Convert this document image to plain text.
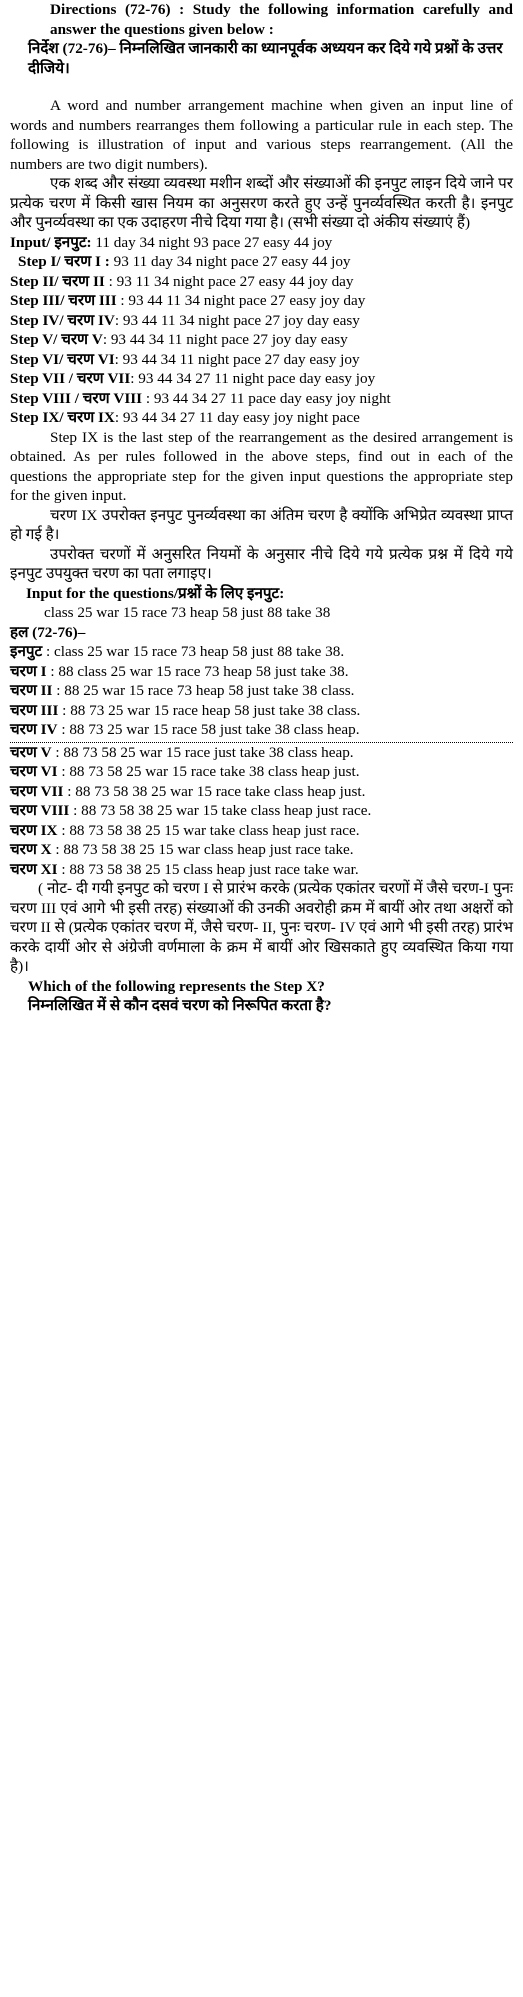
Directions (72-76) : Study the following information carefully and answer the questions given below :

निर्देश (72-76)– निम्नलिखित जानकारी का ध्यानपूर्वक अध्ययन कर दिये गये प्रश्नों के उत्तर दीजिये।

A word and number arrangement machine when given an input line of words and numbers rearranges them following a particular rule in each step. The following is illustration of input and various steps rearrangement. (All the numbers are two digit numbers).

एक शब्द और संख्या व्यवस्था मशीन शब्दों और संख्याओं की इनपुट लाइन दिये जाने पर प्रत्येक चरण में किसी खास नियम का अनुसरण करते हुए उन्हें पुनर्व्यवस्थित करती है। इनपुट और पुनर्व्यवस्था का एक उदाहरण नीचे दिया गया है। (सभी संख्या दो अंकीय संख्याएं हैं)

Input/ इनपुट: 11 day 34 night 93 pace 27 easy 44 joy

Step I/ चरण I : 93 11 day 34 night pace 27 easy 44 joy

Step II/ चरण II : 93 11 34 night pace 27 easy 44 joy day

Step III/ चरण III : 93 44 11 34 night pace 27 easy joy day

Step IV/ चरण IV: 93 44 11 34 night pace 27 joy day easy

Step V/ चरण V: 93 44 34 11 night pace 27 joy day easy

Step VI/ चरण VI: 93 44 34 11 night pace 27 day easy joy

Step VII / चरण VII: 93 44 34 27 11 night pace day easy joy

Step VIII / चरण VIII : 93 44 34 27 11 pace day easy joy night

Step IX/ चरण IX: 93 44 34 27 11 day easy joy night pace

Step IX is the last step of the rearrangement as the desired arrangement is obtained. As per rules followed in the above steps, find out in each of the questions the appropriate step for the given input questions the appropriate step for the given input.

चरण IX उपरोक्त इनपुट पुनर्व्यवस्था का अंतिम चरण है क्योंकि अभिप्रेत व्यवस्था प्राप्त हो गई है।

उपरोक्त चरणों में अनुसरित नियमों के अनुसार नीचे दिये गये प्रत्येक प्रश्न में दिये गये इनपुट उपयुक्त चरण का पता लगाइए।

Input for the questions/प्रश्नों के लिए इनपुट:

class 25 war 15 race 73 heap 58 just 88 take 38

हल (72-76)–

इनपुट : class 25 war 15 race 73 heap 58 just 88 take 38.

चरण I : 88 class 25 war 15 race 73 heap 58 just take 38.

चरण II : 88 25 war 15 race 73 heap 58 just take 38 class.

चरण III : 88 73 25 war 15 race heap 58 just take 38 class.

चरण IV : 88 73 25 war 15 race 58 just take 38 class heap.

चरण V : 88 73 58 25 war 15 race just take 38 class heap.

चरण VI : 88 73 58 25 war 15 race take 38 class heap just.

चरण VII : 88 73 58 38 25 war 15 race take class heap just.

चरण VIII : 88 73 58 38 25 war 15 take class heap just race.

चरण IX : 88 73 58 38 25 15 war take class heap just race.

चरण X : 88 73 58 38 25 15 war class heap just race take.

चरण XI : 88 73 58 38 25 15 class heap just race take war.

( नोट- दी गयी इनपुट को चरण I से प्रारंभ करके (प्रत्येक एकांतर चरणों में जैसे चरण-I पुनः चरण III एवं आगे भी इसी तरह) संख्याओं की उनकी अवरोही क्रम में बायीं ओर तथा अक्षरों को चरण II से (प्रत्येक एकांतर चरण में, जैसे चरण- II, पुनः चरण- IV एवं आगे भी इसी तरह) प्रारंभ करके दायीं ओर से अंग्रेजी वर्णमाला के क्रम में बायीं ओर खिसकाते हुए व्यवस्थित किया गया है)।

Which of the following represents the Step X?

निम्नलिखित में से कौन दसवं चरण को निरूपित करता है?
